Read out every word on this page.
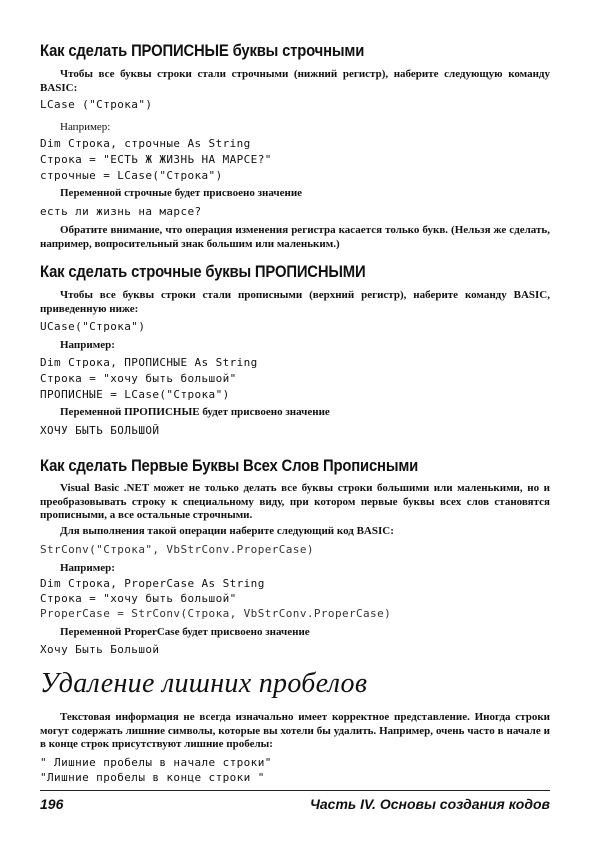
Как сделать ПРОПИСНЫЕ буквы строчными
Чтобы все буквы строки стали строчными (нижний регистр), наберите следующую команду BASIC:
LCase ("Строка")
Например:
Dim Строка, строчные As String
Строка = "ЕСТЬ Ж ЖИЗНЬ НА МАРСЕ?"
строчные = LCase("Строка")
Переменной строчные будет присвоено значение
есть ли жизнь на марсе?
Обратите внимание, что операция изменения регистра касается только букв. (Нельзя же сделать, например, вопросительный знак большим или маленьким.)
Как сделать строчные буквы ПРОПИСНЫМИ
Чтобы все буквы строки стали прописными (верхний регистр), наберите команду BASIC, приведенную ниже:
UCase("Строка")
Например:
Dim Строка, ПРОПИСНЫЕ As String
Строка = "хочу быть большой"
ПРОПИСНЫЕ = LCase("Строка")
Переменной ПРОПИСНЫЕ будет присвоено значение
ХОЧУ БЫТЬ БОЛЬШОЙ
Как сделать Первые Буквы Всех Слов Прописными
Visual Basic .NET может не только делать все буквы строки большими или маленькими, но и преобразовывать строку к специальному виду, при котором первые буквы всех слов становятся прописными, а все остальные строчными.
Для выполнения такой операции наберите следующий код BASIC:
StrConv("Строка", VbStrConv.ProperCase)
Например:
Dim Строка, ProperCase As String
Строка = "хочу быть большой"
ProperCase = StrConv(Строка, VbStrConv.ProperCase)
Переменной ProperCase будет присвоено значение
Хочу Быть Большой
Удаление лишних пробелов
Текстовая информация не всегда изначально имеет корректное представление. Иногда строки могут содержать лишние символы, которые вы хотели бы удалить. Например, очень часто в начале и в конце строк присутствуют лишние пробелы:
" Лишние пробелы в начале строки"
"Лишние пробелы в конце строки "
196	Часть IV. Основы создания кодов
